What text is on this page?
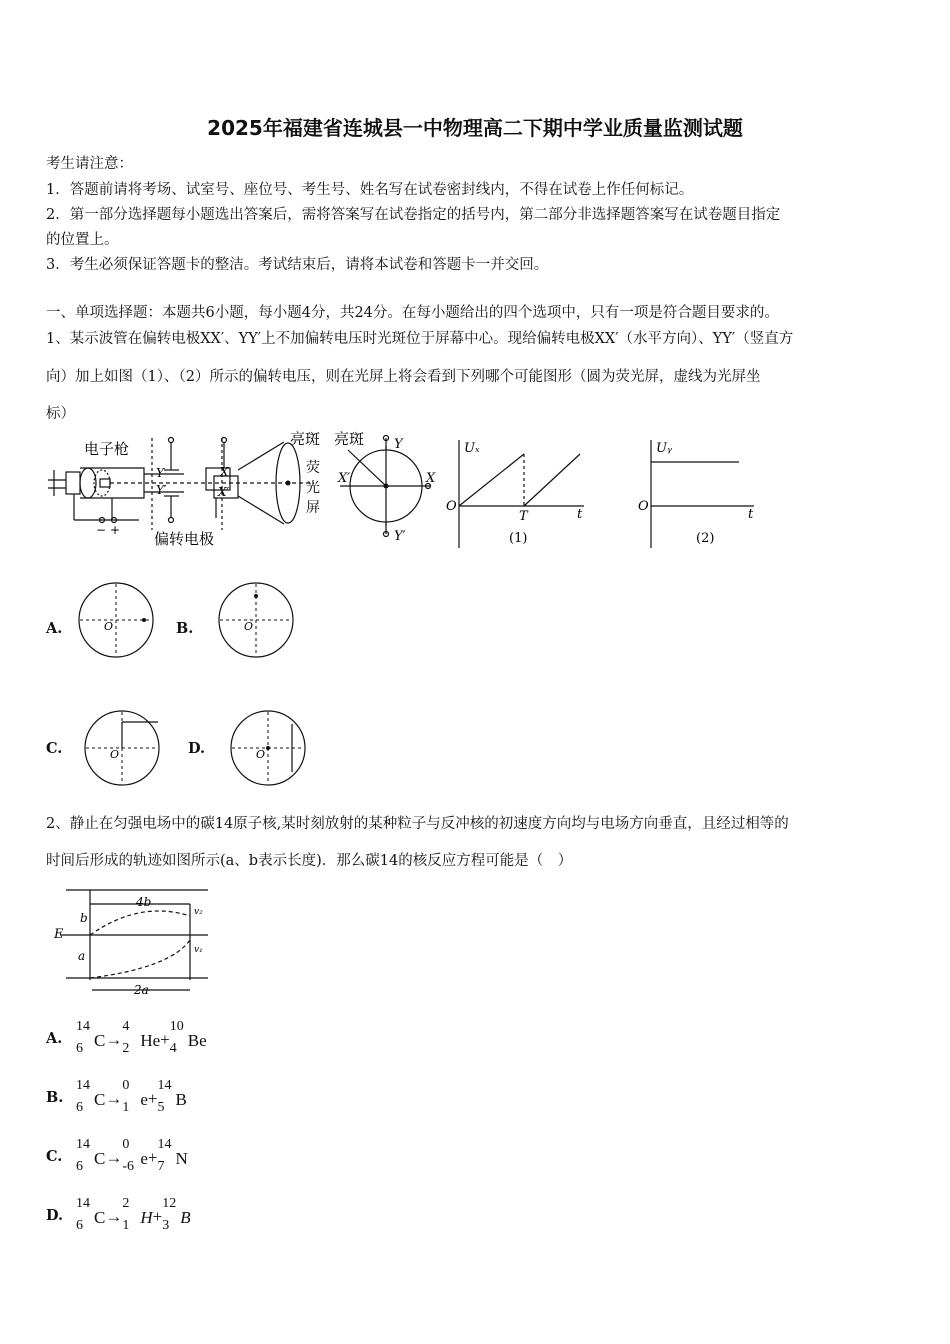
2025年福建省连城县一中物理高二下期中学业质量监测试题
考生请注意：
1．答题前请将考场、试室号、座位号、考生号、姓名写在试卷密封线内，不得在试卷上作任何标记。
2．第一部分选择题每小题选出答案后，需将答案写在试卷指定的括号内，第二部分非选择题答案写在试卷题目指定
的位置上。
3．考生必须保证答题卡的整洁。考试结束后，请将本试卷和答题卡一并交回。
一、单项选择题：本题共6小题，每小题4分，共24分。在每小题给出的四个选项中，只有一项是符合题目要求的。
1、某示波管在偏转电极XX′、YY′上不加偏转电压时光斑位于屏幕中心。现给偏转电极XX′（水平方向）、YY′（竖直方
向）加上如图（1）、（2）所示的偏转电压，则在光屏上将会看到下列哪个可能图形（圆为荧光屏，虚线为光屏坐
标）
电子枪
偏转电极
亮斑 亮斑
荧
光
屏
− +
Y
Y′
X
X′
Y
Y′
X′	X
Uₓ
O
T	t
(1)
Uᵧ
O
t
(2)
A.	O	B.	O
C.	O	D.	O
2、静止在匀强电场中的碳14原子核,某时刻放射的某种粒子与反冲核的初速度方向均与电场方向垂直，且经过相等的
时间后形成的轨迹如图所示(a、b表示长度)．那么碳14的核反应方程可能是（　）
E
a
b
4b
2a
v₂
v₁
A.
14
6 C→
4
2 He+
10
4 Be
B.
14
6 C→
0
1 e+
14
5 B
C.
14
6 C→
0
-6 e+
14
7 N
D.
14
6 C→
2
1 H+
12
3 B
